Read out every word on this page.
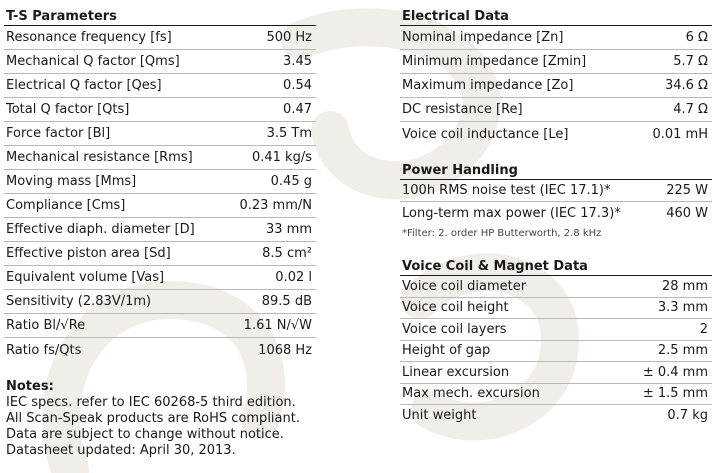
T-S Parameters
Resonance frequency [fs]	500 Hz
Mechanical Q factor [Qms]	3.45
Electrical Q factor [Qes]	0.54
Total Q factor [Qts]	0.47
Force factor [Bl]	3.5 Tm
Mechanical resistance [Rms]	0.41 kg/s
Moving mass [Mms]	0.45 g
Compliance [Cms]	0.23 mm/N
Effective diaph. diameter [D]	33 mm
Effective piston area [Sd]	8.5 cm²
Equivalent volume [Vas]	0.02 l
Sensitivity (2.83V/1m)	89.5 dB
Ratio Bl/√Re	1.61 N/√W
Ratio fs/Qts	1068 Hz
Notes:
IEC specs. refer to IEC 60268-5 third edition.
All Scan-Speak products are RoHS compliant.
Data are subject to change without notice.
Datasheet updated: April 30, 2013.
Electrical Data
Nominal impedance [Zn]	6 Ω
Minimum impedance [Zmin]	5.7 Ω
Maximum impedance [Zo]	34.6 Ω
DC resistance [Re]	4.7 Ω
Voice coil inductance [Le]	0.01 mH
Power Handling
100h RMS noise test (IEC 17.1)*	225 W
Long-term max power (IEC 17.3)*	460 W
*Filter: 2. order HP Butterworth, 2.8 kHz
Voice Coil & Magnet Data
Voice coil diameter	28 mm
Voice coil height	3.3 mm
Voice coil layers	2
Height of gap	2.5 mm
Linear excursion	± 0.4 mm
Max mech. excursion	± 1.5 mm
Unit weight	0.7 kg
